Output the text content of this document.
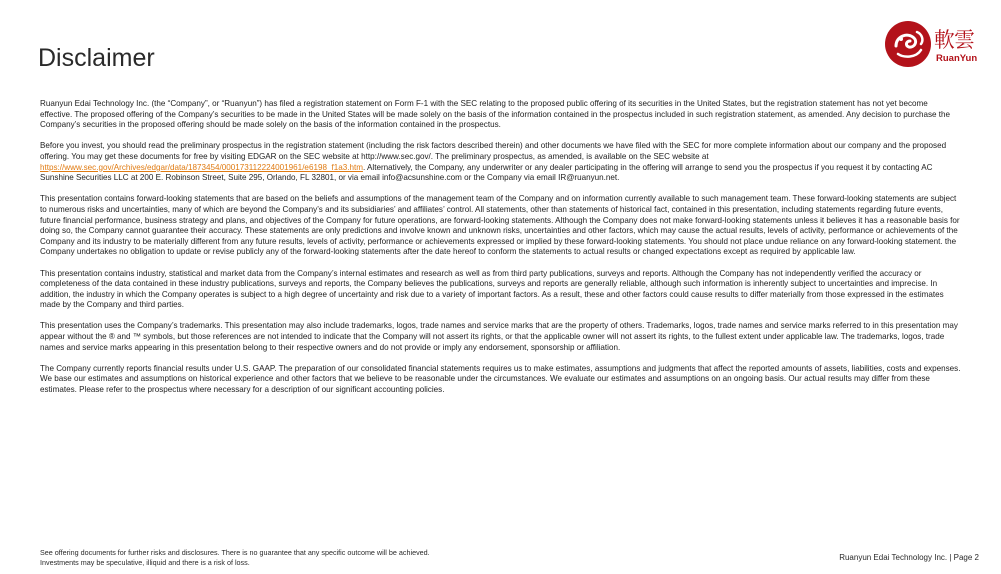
Disclaimer
軟雲
RuanYun

Ruanyun Edai Technology Inc. (the “Company”, or “Ruanyun”) has filed a registration statement on Form F-1 with the SEC relating to the proposed public offering of its securities in the United States, but the registration statement has not yet become effective. The proposed offering of the Company’s securities to be made in the United States will be made solely on the basis of the information contained in the prospectus included in such registration statement, as amended. Any decision to purchase the Company’s securities in the proposed offering should be made solely on the basis of the information contained in the prospectus.

Before you invest, you should read the preliminary prospectus in the registration statement (including the risk factors described therein) and other documents we have filed with the SEC for more complete information about our company and the proposed offering. You may get these documents for free by visiting EDGAR on the SEC website at http://www.sec.gov/. The preliminary prospectus, as amended, is available on the SEC website at https://www.sec.gov/Archives/edgar/data/1873454/000173112224001961/e6198_f1a3.htm. Alternatively, the Company, any underwriter or any dealer participating in the offering will arrange to send you the prospectus if you request it by contacting AC Sunshine Securities LLC at 200 E. Robinson Street, Suite 295, Orlando, FL 32801, or via email info@acsunshine.com or the Company via email IR@ruanyun.net.

This presentation contains forward-looking statements that are based on the beliefs and assumptions of the management team of the Company and on information currently available to such management team. These forward-looking statements are subject to numerous risks and uncertainties, many of which are beyond the Company’s and its subsidiaries’ and affiliates’ control. All statements, other than statements of historical fact, contained in this presentation, including statements regarding future events, future financial performance, business strategy and plans, and objectives of the Company for future operations, are forward-looking statements. Although the Company does not make forward-looking statements unless it believes it has a reasonable basis for doing so, the Company cannot guarantee their accuracy. These statements are only predictions and involve known and unknown risks, uncertainties and other factors, which may cause the actual results, levels of activity, performance or achievements of the Company and its industry to be materially different from any future results, levels of activity, performance or achievements expressed or implied by these forward-looking statements. You should not place undue reliance on any forward-looking statement. the Company undertakes no obligation to update or revise publicly any of the forward-looking statements after the date hereof to conform the statements to actual results or changed expectations except as required by applicable law.

This presentation contains industry, statistical and market data from the Company’s internal estimates and research as well as from third party publications, surveys and reports. Although the Company has not independently verified the accuracy or completeness of the data contained in these industry publications, surveys and reports, the Company believes the publications, surveys and reports are generally reliable, although such information is inherently subject to uncertainties and imprecise. In addition, the industry in which the Company operates is subject to a high degree of uncertainty and risk due to a variety of important factors. As a result, these and other factors could cause results to differ materially from those expressed in the estimates made by the Company and third parties.

This presentation uses the Company’s trademarks. This presentation may also include trademarks, logos, trade names and service marks that are the property of others. Trademarks, logos, trade names and service marks referred to in this presentation may appear without the ® and ™ symbols, but those references are not intended to indicate that the Company will not assert its rights, or that the applicable owner will not assert its rights, to the fullest extent under applicable law. The trademarks, logos, trade names and service marks appearing in this presentation belong to their respective owners and do not provide or imply any endorsement, sponsorship or affiliation.

The Company currently reports financial results under U.S. GAAP. The preparation of our consolidated financial statements requires us to make estimates, assumptions and judgments that affect the reported amounts of assets, liabilities, costs and expenses. We base our estimates and assumptions on historical experience and other factors that we believe to be reasonable under the circumstances. We evaluate our estimates and assumptions on an ongoing basis. Our actual results may differ from these estimates. Please refer to the prospectus where necessary for a description of our significant accounting policies.

See offering documents for further risks and disclosures. There is no guarantee that any specific outcome will be achieved.
Investments may be speculative, illiquid and there is a risk of loss.
Ruanyun Edai Technology Inc. | Page 2
